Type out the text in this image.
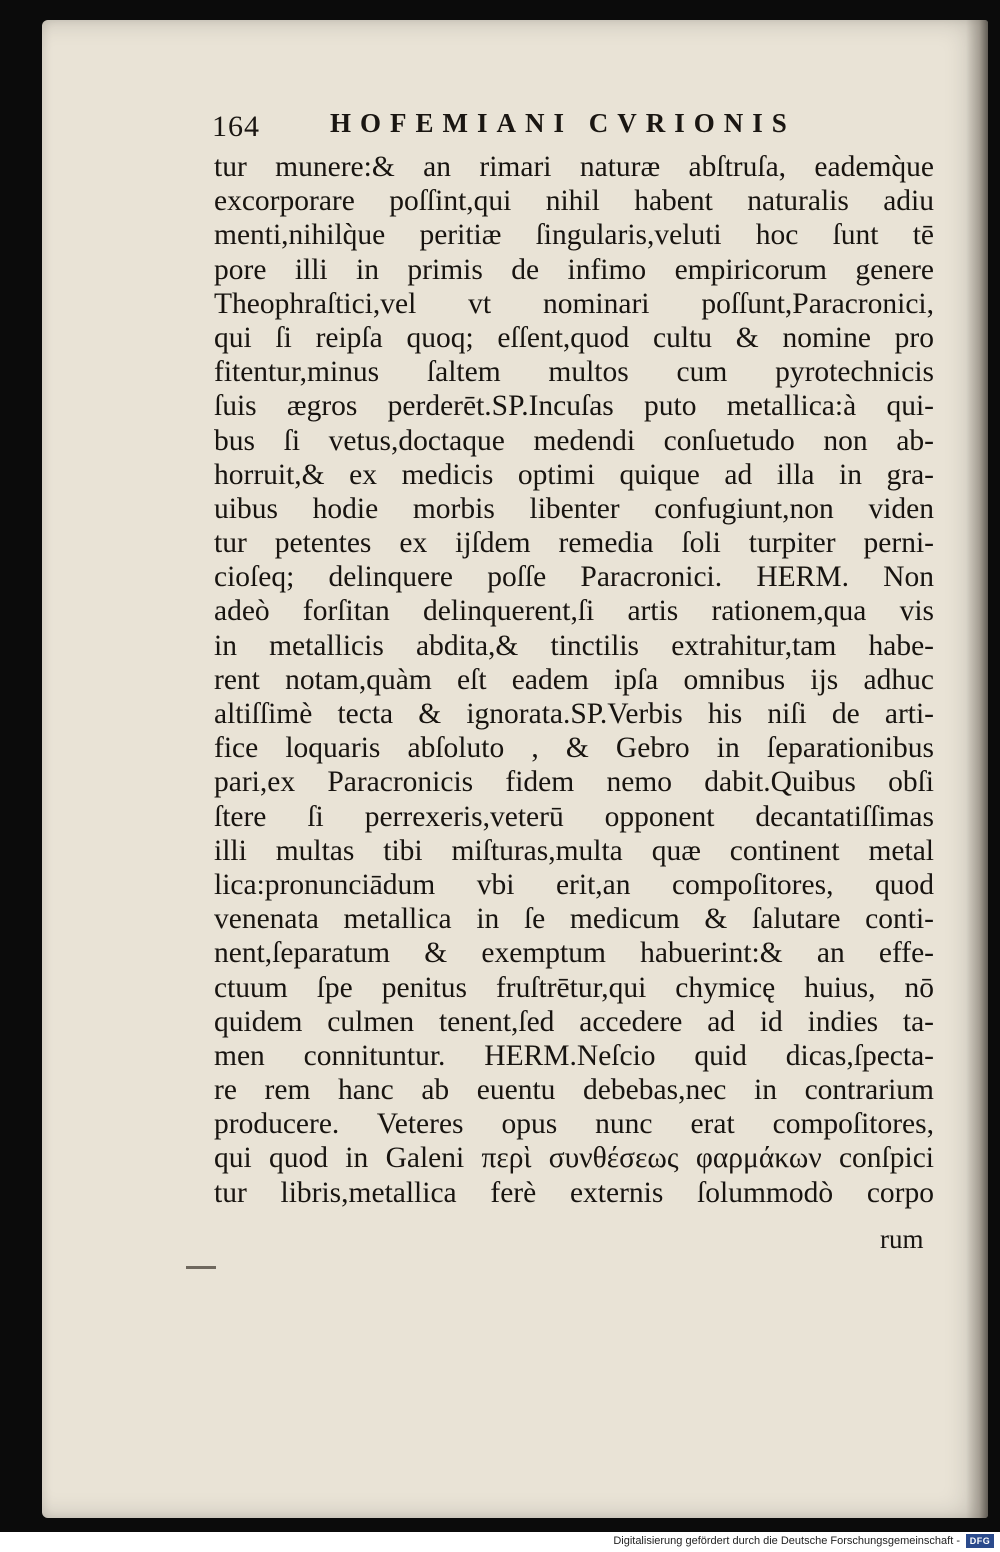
164	HOFEMIANI CVRIONIS
tur munere:& an rimari naturæ abſtruſa, eademq̀ue
excorporare poſſint,qui nihil habent naturalis adiu
menti,nihilq̀ue peritiæ ſingularis,veluti hoc ſunt tē
pore illi in primis de infimo empiricorum genere
Theophraſtici,vel vt nominari poſſunt,Paracronici,
qui ſi reipſa quoq; eſſent,quod cultu & nomine pro
fitentur,minus ſaltem multos cum pyrotechnicis
ſuis ægros perderēt.SP.Incuſas puto metallica:à qui-
bus ſi vetus,doctaque medendi conſuetudo non ab-
horruit,& ex medicis optimi quique ad illa in gra-
uibus hodie morbis libenter confugiunt,non viden
tur petentes ex ijſdem remedia ſoli turpiter perni-
cioſeq; delinquere poſſe Paracronici. HERM. Non
adeò forſitan delinquerent,ſi artis rationem,qua vis
in metallicis abdita,& tinctilis extrahitur,tam habe-
rent notam,quàm eſt eadem ipſa omnibus ijs adhuc
altiſſimè tecta & ignorata.SP.Verbis his niſi de arti-
fice loquaris abſoluto , & Gebro in ſeparationibus
pari,ex Paracronicis fidem nemo dabit.Quibus obſi
ſtere ſi perrexeris,veterū opponent decantatiſſimas
illi multas tibi miſturas,multa quæ continent metal
lica:pronunciādum vbi erit,an compoſitores, quod
venenata metallica in ſe medicum & ſalutare conti-
nent,ſeparatum & exemptum habuerint:& an effe-
ctuum ſpe penitus fruſtrētur,qui chymicę huius, nō
quidem culmen tenent,ſed accedere ad id indies ta-
men connituntur. HERM.Neſcio quid dicas,ſpecta-
re rem hanc ab euentu debebas,nec in contrarium
producere. Veteres opus nunc erat compoſitores,
qui quod in Galeni περὶ συνθέσεως φαρμάκων conſpici
tur libris,metallica ferè externis ſolummodò corpo
rum
Digitalisierung gefördert durch die Deutsche Forschungsgemeinschaft -	DFG
